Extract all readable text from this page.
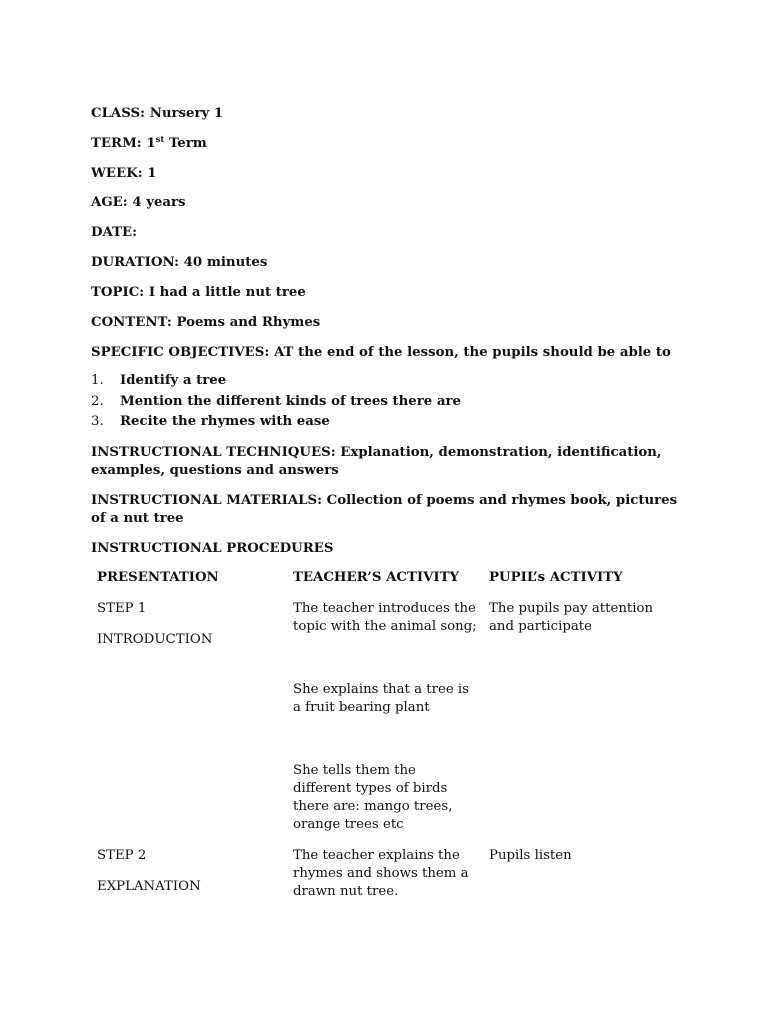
CLASS: Nursery 1
TERM: 1st Term
WEEK: 1
AGE: 4 years
DATE:
DURATION: 40 minutes
TOPIC: I had a little nut tree
CONTENT: Poems and Rhymes
SPECIFIC OBJECTIVES: AT the end of the lesson, the pupils should be able to
1. Identify a tree
2. Mention the different kinds of trees there are
3. Recite the rhymes with ease
INSTRUCTIONAL TECHNIQUES: Explanation, demonstration, identification, examples, questions and answers
INSTRUCTIONAL MATERIALS: Collection of poems and rhymes book, pictures of a nut tree
INSTRUCTIONAL PROCEDURES
PRESENTATION	TEACHER’S ACTIVITY	PUPIL’s ACTIVITY
STEP 1
INTRODUCTION
The teacher introduces the topic with the animal song;
She explains that a tree is a fruit bearing plant
She tells them the different types of birds there are: mango trees, orange trees etc
The pupils pay attention and participate
STEP 2
EXPLANATION
The teacher explains the rhymes and shows them a drawn nut tree.
Pupils listen
